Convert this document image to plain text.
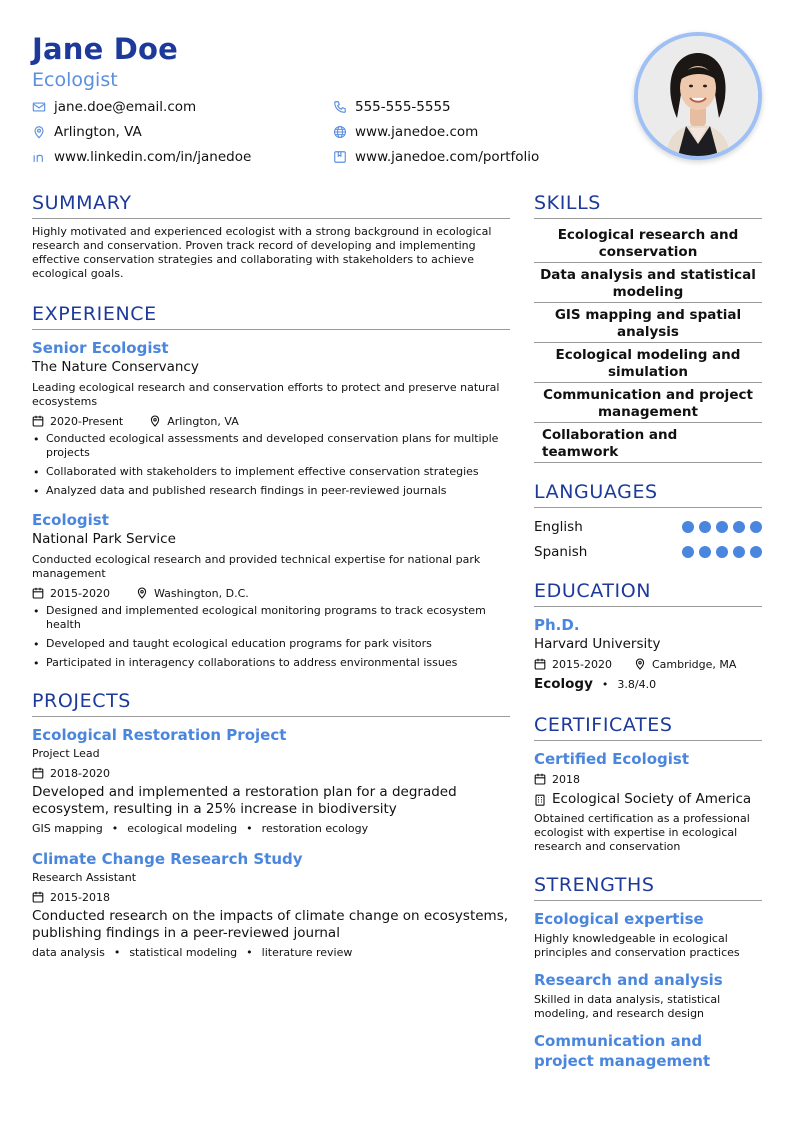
Jane Doe
Ecologist
jane.doe@email.com	555-555-5555
Arlington, VA	www.janedoe.com
www.linkedin.com/in/janedoe	www.janedoe.com/portfolio
SUMMARY

Highly motivated and experienced ecologist with a strong background in ecological research and conservation. Proven track record of developing and implementing effective conservation strategies and collaborating with stakeholders to achieve ecological goals.

EXPERIENCE
Senior Ecologist
The Nature Conservancy

Leading ecological research and conservation efforts to protect and preserve natural ecosystems

2020-Present	Arlington, VA
• Conducted ecological assessments and developed conservation plans for multiple projects
• Collaborated with stakeholders to implement effective conservation strategies
• Analyzed data and published research findings in peer-reviewed journals
Ecologist
National Park Service

Conducted ecological research and provided technical expertise for national park management

2015-2020	Washington, D.C.
• Designed and implemented ecological monitoring programs to track ecosystem health
• Developed and taught ecological education programs for park visitors
• Participated in interagency collaborations to address environmental issues
PROJECTS
Ecological Restoration Project
Project Lead
2018-2020

Developed and implemented a restoration plan for a degraded ecosystem, resulting in a 25% increase in biodiversity

GIS mapping • ecological modeling • restoration ecology
Climate Change Research Study
Research Assistant
2015-2018

Conducted research on the impacts of climate change on ecosystems, publishing findings in a peer-reviewed journal

data analysis • statistical modeling • literature review
SKILLS
Ecological research and conservation
Data analysis and statistical modeling
GIS mapping and spatial analysis
Ecological modeling and simulation
Communication and project management
Collaboration and teamwork
LANGUAGES
English
Spanish
EDUCATION
Ph.D.
Harvard University
2015-2020	Cambridge, MA
Ecology • 3.8/4.0
CERTIFICATES
Certified Ecologist
2018
Ecological Society of America

Obtained certification as a professional ecologist with expertise in ecological research and conservation

STRENGTHS
Ecological expertise

Highly knowledgeable in ecological principles and conservation practices

Research and analysis

Skilled in data analysis, statistical modeling, and research design

Communication and project management
